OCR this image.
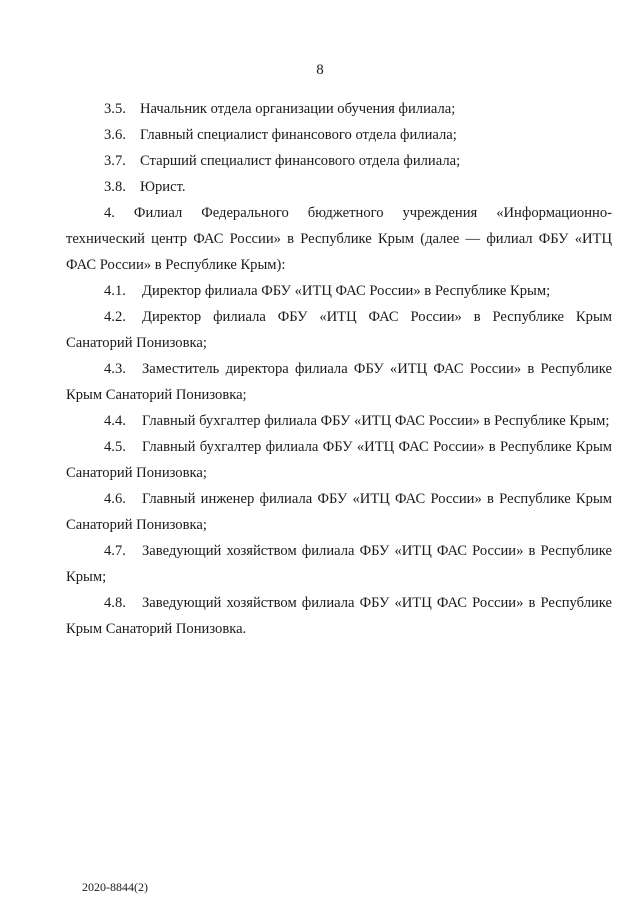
8
3.5. Начальник отдела организации обучения филиала;
3.6. Главный специалист финансового отдела филиала;
3.7. Старший специалист финансового отдела филиала;
3.8. Юрист.
4. Филиал Федерального бюджетного учреждения «Информационно-технический центр ФАС России» в Республике Крым (далее — филиал ФБУ «ИТЦ ФАС России» в Республике Крым):
4.1. Директор филиала ФБУ «ИТЦ ФАС России» в Республике Крым;
4.2. Директор филиала ФБУ «ИТЦ ФАС России» в Республике Крым Санаторий Понизовка;
4.3. Заместитель директора филиала ФБУ «ИТЦ ФАС России» в Республике Крым Санаторий Понизовка;
4.4. Главный бухгалтер филиала ФБУ «ИТЦ ФАС России» в Республике Крым;
4.5. Главный бухгалтер филиала ФБУ «ИТЦ ФАС России» в Республике Крым Санаторий Понизовка;
4.6. Главный инженер филиала ФБУ «ИТЦ ФАС России» в Республике Крым Санаторий Понизовка;
4.7. Заведующий хозяйством филиала ФБУ «ИТЦ ФАС России» в Республике Крым;
4.8. Заведующий хозяйством филиала ФБУ «ИТЦ ФАС России» в Республике Крым Санаторий Понизовка.
2020-8844(2)
